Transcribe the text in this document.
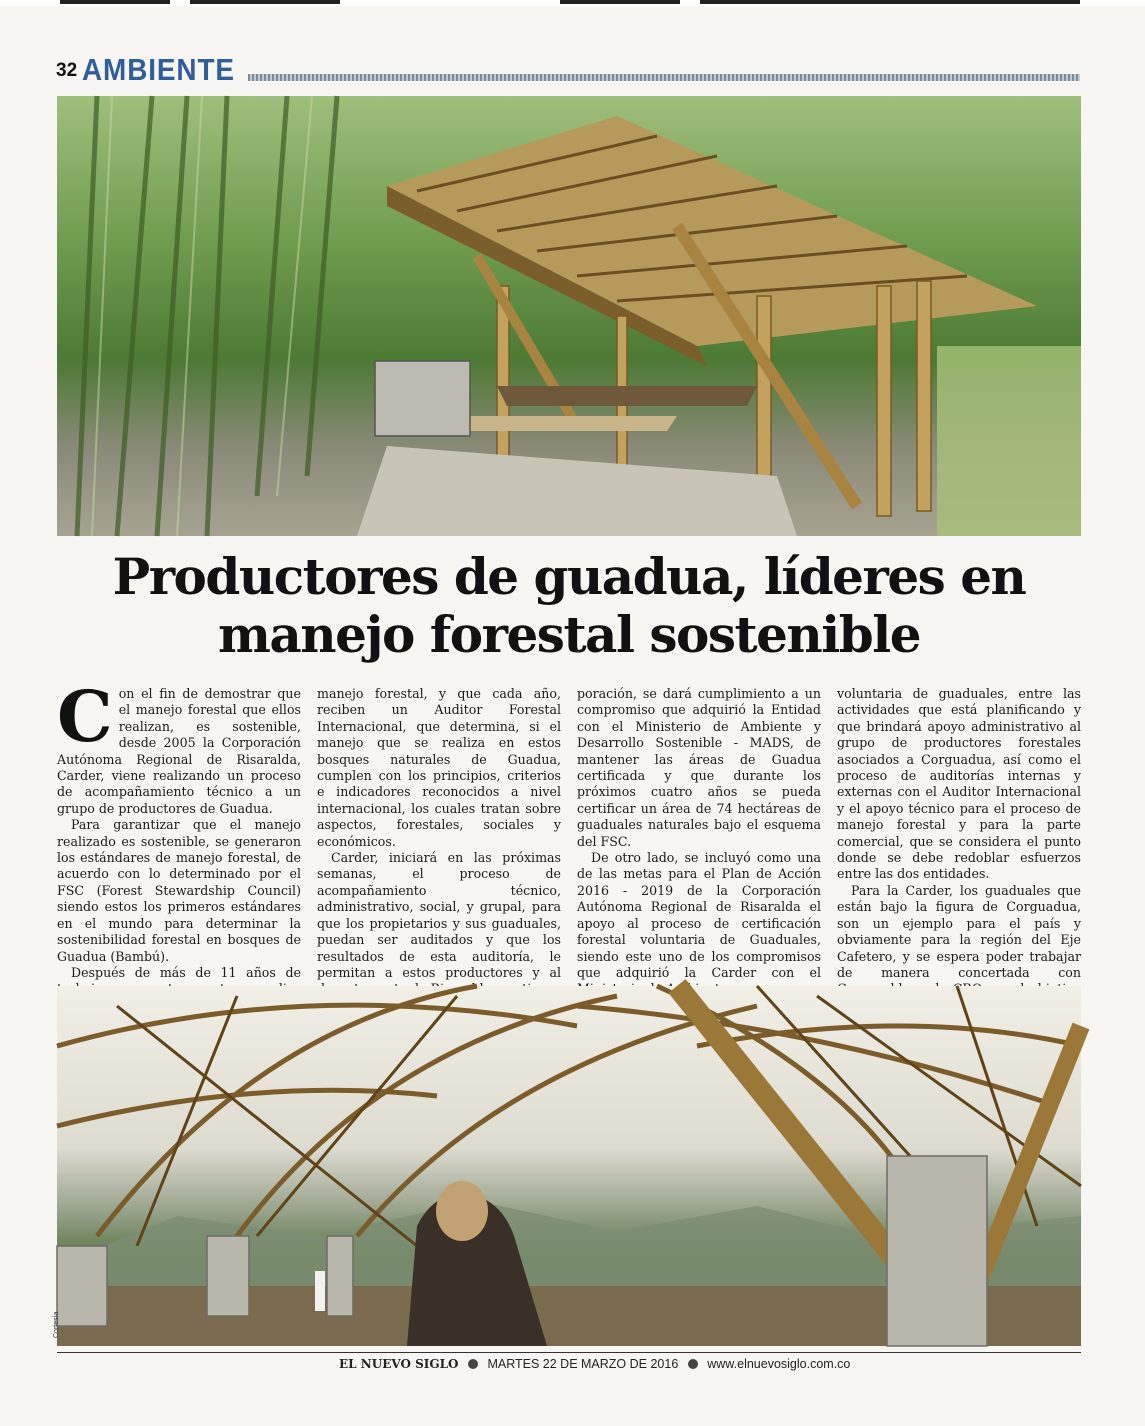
32 AMBIENTE
Productores de guadua, líderes en manejo forestal sostenible

Con el fin de demostrar que el manejo forestal que ellos realizan, es sostenible, desde 2005 la Corporación Autónoma Regional de Risaralda, Carder, viene realizando un proceso de acompañamiento técnico a un grupo de productores de Guadua.

Para garantizar que el manejo realizado es sostenible, se generaron los estándares de manejo forestal, de acuerdo con lo determinado por el FSC (Forest Stewardship Council) siendo estos los primeros estándares en el mundo para determinar la sostenibilidad forestal en bosques de Guadua (Bambú).

Después de más de 11 años de

manejo forestal, y que cada año, reciben un Auditor Forestal Internacional, que determina, si el manejo que se realiza en estos bosques naturales de Guadua, cumplen con los principios, criterios e indicadores reconocidos a nivel internacional, los cuales tratan sobre aspectos, forestales, sociales y económicos.

Carder, iniciará en las próximas semanas, el proceso de acompañamiento técnico, administrativo, social, y grupal, para que los propietarios y sus guaduales, puedan ser auditados y que los resultados de esta auditoría, le permitan a estos productores y al

poración, se dará cumplimiento a un compromiso que adquirió la Entidad con el Ministerio de Ambiente y Desarrollo Sostenible - MADS, de mantener las áreas de Guadua certificada y que durante los próximos cuatro años se pueda certificar un área de 74 hectáreas de guaduales naturales bajo el esquema del FSC.

De otro lado, se incluyó como una de las metas para el Plan de Acción 2016 - 2019 de la Corporación Autónoma Regional de Risaralda el apoyo al proceso de certificación forestal voluntaria de Guaduales, siendo este uno de los compromisos que adquirió la Carder con el

voluntaria de guaduales, entre las actividades que está planificando y que brindará apoyo administrativo al grupo de productores forestales asociados a Corguadua, así como el proceso de auditorías internas y externas con el Auditor Internacional y el apoyo técnico para el proceso de manejo forestal y para la parte comercial, que se considera el punto donde se debe redoblar esfuerzos entre las dos entidades.

Para la Carder, los guaduales que están bajo la figura de Corguadua, son un ejemplo para el país y obviamente para la región del Eje Cafetero, y se espera poder trabajar de manera concertada con

Cortesía
EL NUEVO SIGLO MARTES 22 DE MARZO DE 2016 www.elnuevosiglo.com.co
